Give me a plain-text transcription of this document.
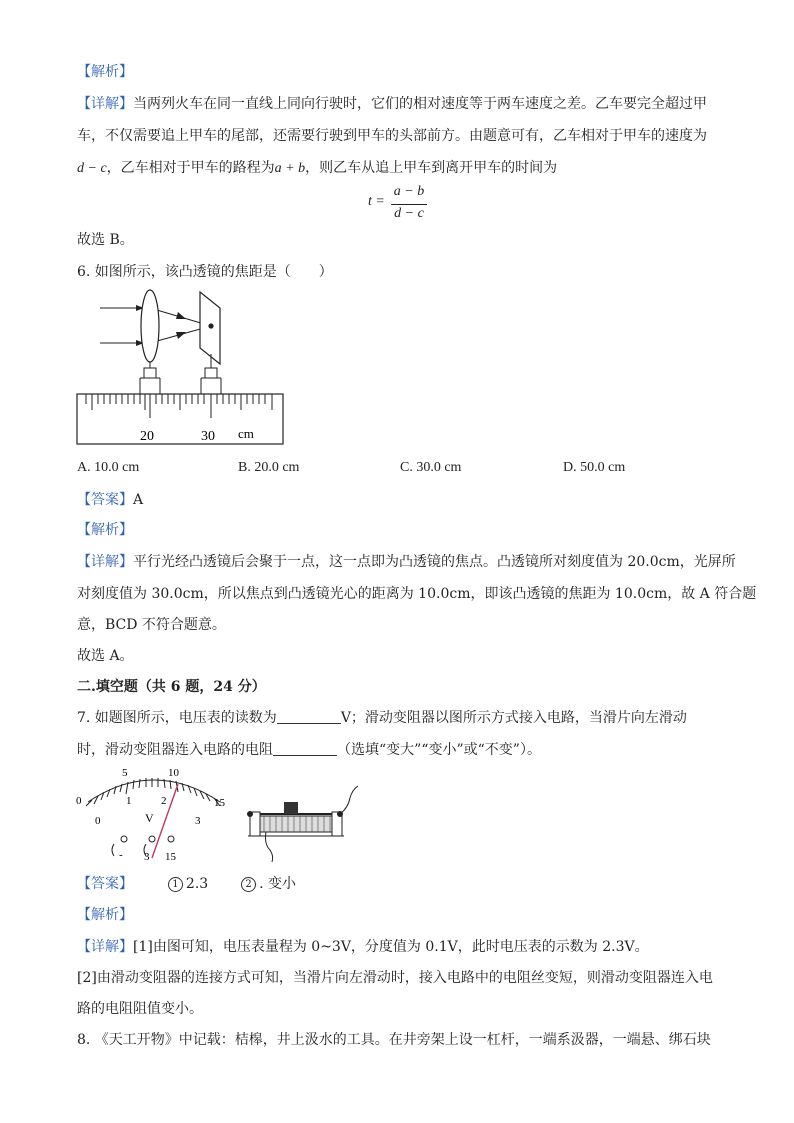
【解析】
【详解】当两列火车在同一直线上同向行驶时，它们的相对速度等于两车速度之差。乙车要完全超过甲
车，不仅需要追上甲车的尾部，还需要行驶到甲车的头部前方。由题意可有，乙车相对于甲车的速度为
d − c，乙车相对于甲车的路程为a + b，则乙车从追上甲车到离开甲车的时间为
t =
a − b
d − c
故选 B。
6. 如图所示，该凸透镜的焦距是（　　）
20	30 cm
A. 10.0 cm	B. 20.0 cm	C. 30.0 cm	D. 50.0 cm
【答案】A
【解析】
【详解】平行光经凸透镜后会聚于一点，这一点即为凸透镜的焦点。凸透镜所对刻度值为 20.0cm，光屏所
对刻度值为 30.0cm，所以焦点到凸透镜光心的距离为 10.0cm，即该凸透镜的焦距为 10.0cm，故 A 符合题
意，BCD 不符合题意。
故选 A。
二.填空题（共 6 题，24 分）
7. 如题图所示，电压表的读数为	V；滑动变阻器以图所示方式接入电路，当滑片向左滑动
时，滑动变阻器连入电路的电阻	（选填“变大”“变小”或“不变”）。
0
5	10
15
0
1	2
3
V
- 3 15
【答案】	1 2.3	2 . 变小
【解析】
【详解】[1]由图可知，电压表量程为 0~3V，分度值为 0.1V，此时电压表的示数为 2.3V。
[2]由滑动变阻器的连接方式可知，当滑片向左滑动时，接入电路中的电阻丝变短，则滑动变阻器连入电
路的电阻阻值变小。
8. 《天工开物》中记载：桔槔，井上汲水的工具。在井旁架上设一杠杆，一端系汲器，一端悬、绑石块
